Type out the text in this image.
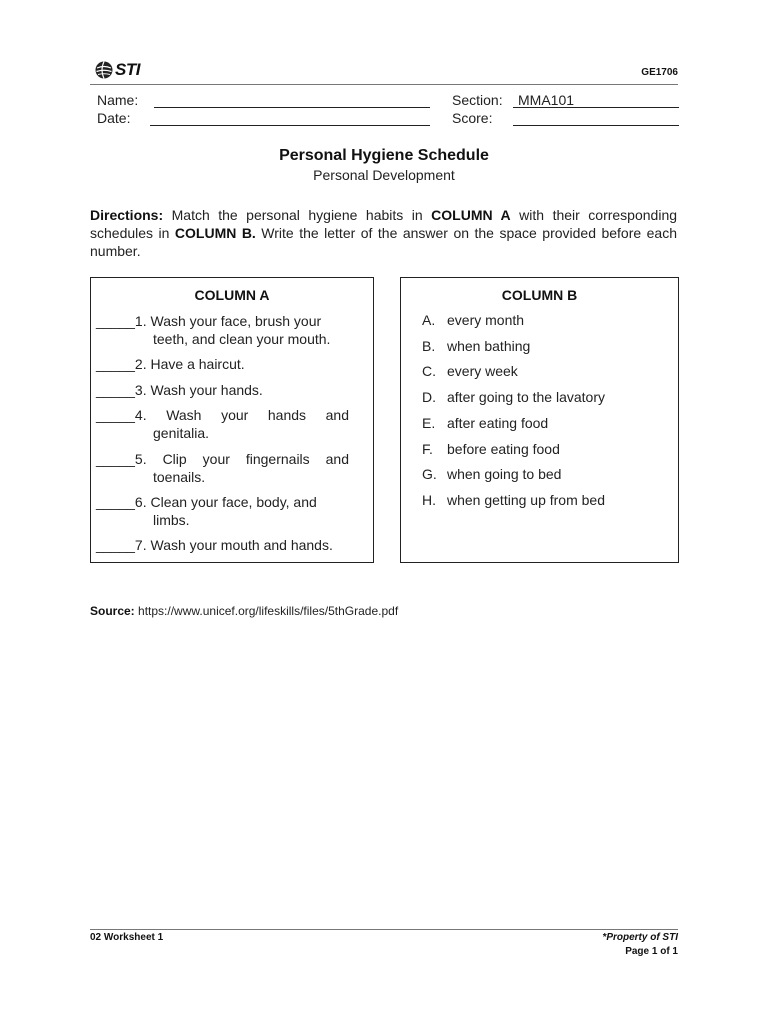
STI	GE1706
Name:
Date:
Section: MMA101
Score:
Personal Hygiene Schedule
Personal Development
Directions: Match the personal hygiene habits in COLUMN A with their corresponding schedules in COLUMN B. Write the letter of the answer on the space provided before each number.
COLUMN A
_____1. Wash your face, brush your
teeth, and clean your mouth.
_____2. Have a haircut.
_____3. Wash your hands.
_____4. Wash your hands and
genitalia.
_____5. Clip your fingernails and
toenails.
_____6. Clean your face, body, and
limbs.
_____7. Wash your mouth and hands.
COLUMN B
A. every month
B. when bathing
C. every week
D. after going to the lavatory
E. after eating food
F.	before eating food
G. when going to bed
H. when getting up from bed
Source: https://www.unicef.org/lifeskills/files/5thGrade.pdf
02 Worksheet 1	*Property of STI
Page 1 of 1
